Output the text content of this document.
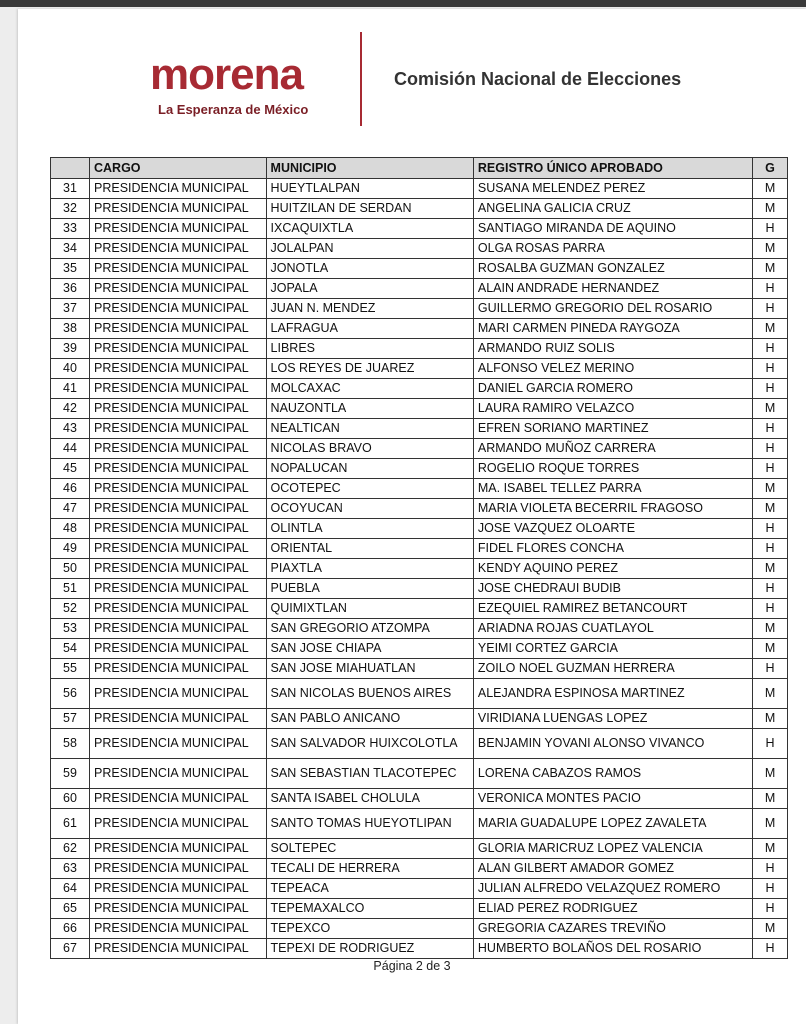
morena
La Esperanza de México
Comisión Nacional de Elecciones
	CARGO	MUNICIPIO	REGISTRO ÚNICO APROBADO	G
31	PRESIDENCIA MUNICIPAL	HUEYTLALPAN	SUSANA MELENDEZ PEREZ	M
32	PRESIDENCIA MUNICIPAL	HUITZILAN DE SERDAN	ANGELINA GALICIA CRUZ	M
33	PRESIDENCIA MUNICIPAL	IXCAQUIXTLA	SANTIAGO MIRANDA DE AQUINO	H
34	PRESIDENCIA MUNICIPAL	JOLALPAN	OLGA ROSAS PARRA	M
35	PRESIDENCIA MUNICIPAL	JONOTLA	ROSALBA GUZMAN GONZALEZ	M
36	PRESIDENCIA MUNICIPAL	JOPALA	ALAIN ANDRADE HERNANDEZ	H
37	PRESIDENCIA MUNICIPAL	JUAN N. MENDEZ	GUILLERMO GREGORIO DEL ROSARIO	H
38	PRESIDENCIA MUNICIPAL	LAFRAGUA	MARI CARMEN PINEDA RAYGOZA	M
39	PRESIDENCIA MUNICIPAL	LIBRES	ARMANDO RUIZ SOLIS	H
40	PRESIDENCIA MUNICIPAL	LOS REYES DE JUAREZ	ALFONSO VELEZ MERINO	H
41	PRESIDENCIA MUNICIPAL	MOLCAXAC	DANIEL GARCIA ROMERO	H
42	PRESIDENCIA MUNICIPAL	NAUZONTLA	LAURA RAMIRO VELAZCO	M
43	PRESIDENCIA MUNICIPAL	NEALTICAN	EFREN SORIANO MARTINEZ	H
44	PRESIDENCIA MUNICIPAL	NICOLAS BRAVO	ARMANDO MUÑOZ CARRERA	H
45	PRESIDENCIA MUNICIPAL	NOPALUCAN	ROGELIO ROQUE TORRES	H
46	PRESIDENCIA MUNICIPAL	OCOTEPEC	MA. ISABEL TELLEZ PARRA	M
47	PRESIDENCIA MUNICIPAL	OCOYUCAN	MARIA VIOLETA BECERRIL FRAGOSO	M
48	PRESIDENCIA MUNICIPAL	OLINTLA	JOSE VAZQUEZ OLOARTE	H
49	PRESIDENCIA MUNICIPAL	ORIENTAL	FIDEL FLORES CONCHA	H
50	PRESIDENCIA MUNICIPAL	PIAXTLA	KENDY AQUINO PEREZ	M
51	PRESIDENCIA MUNICIPAL	PUEBLA	JOSE CHEDRAUI BUDIB	H
52	PRESIDENCIA MUNICIPAL	QUIMIXTLAN	EZEQUIEL RAMIREZ BETANCOURT	H
53	PRESIDENCIA MUNICIPAL	SAN GREGORIO ATZOMPA	ARIADNA ROJAS CUATLAYOL	M
54	PRESIDENCIA MUNICIPAL	SAN JOSE CHIAPA	YEIMI CORTEZ GARCIA	M
55	PRESIDENCIA MUNICIPAL	SAN JOSE MIAHUATLAN	ZOILO NOEL GUZMAN HERRERA	H
56	PRESIDENCIA MUNICIPAL	SAN NICOLAS BUENOS AIRES	ALEJANDRA ESPINOSA MARTINEZ	M
57	PRESIDENCIA MUNICIPAL	SAN PABLO ANICANO	VIRIDIANA LUENGAS LOPEZ	M
58	PRESIDENCIA MUNICIPAL	SAN SALVADOR HUIXCOLOTLA	BENJAMIN YOVANI ALONSO VIVANCO	H
59	PRESIDENCIA MUNICIPAL	SAN SEBASTIAN TLACOTEPEC	LORENA CABAZOS RAMOS	M
60	PRESIDENCIA MUNICIPAL	SANTA ISABEL CHOLULA	VERONICA MONTES PACIO	M
61	PRESIDENCIA MUNICIPAL	SANTO TOMAS HUEYOTLIPAN	MARIA GUADALUPE LOPEZ ZAVALETA	M
62	PRESIDENCIA MUNICIPAL	SOLTEPEC	GLORIA MARICRUZ LOPEZ VALENCIA	M
63	PRESIDENCIA MUNICIPAL	TECALI DE HERRERA	ALAN GILBERT AMADOR GOMEZ	H
64	PRESIDENCIA MUNICIPAL	TEPEACA	JULIAN ALFREDO VELAZQUEZ ROMERO	H
65	PRESIDENCIA MUNICIPAL	TEPEMAXALCO	ELIAD PEREZ RODRIGUEZ	H
66	PRESIDENCIA MUNICIPAL	TEPEXCO	GREGORIA CAZARES TREVIÑO	M
67	PRESIDENCIA MUNICIPAL	TEPEXI DE RODRIGUEZ	HUMBERTO BOLAÑOS DEL ROSARIO	H
Página 2 de 3
